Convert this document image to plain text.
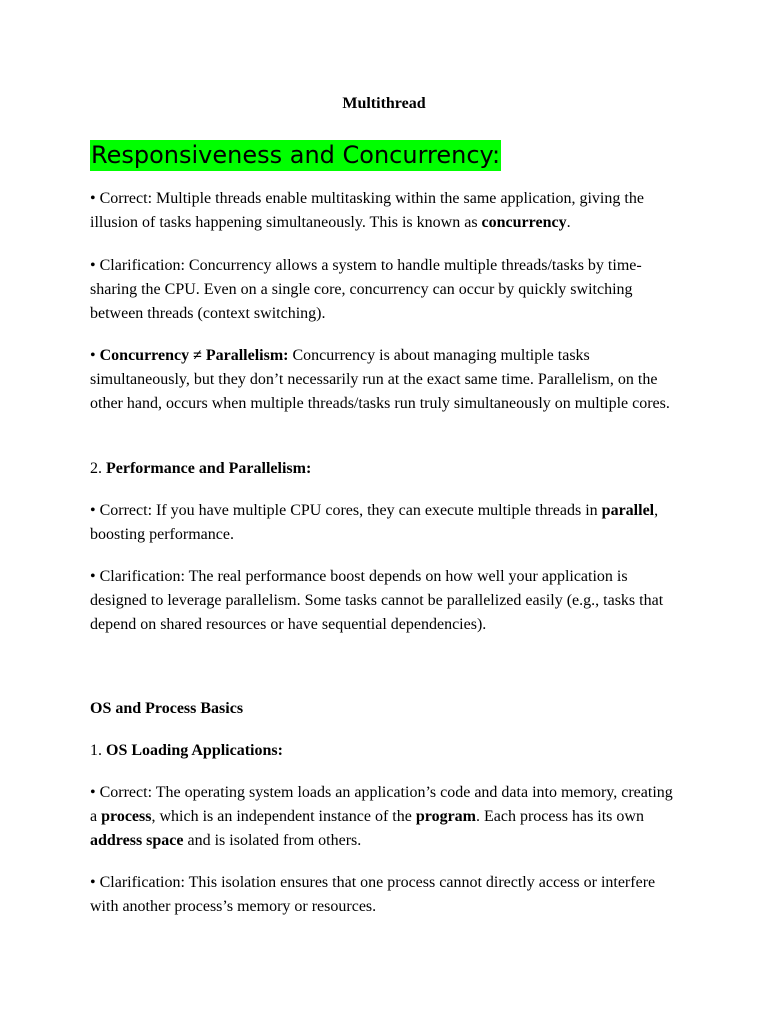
Multithread
Responsiveness and Concurrency:

• Correct: Multiple threads enable multitasking within the same application, giving the illusion of tasks happening simultaneously. This is known as concurrency.

• Clarification: Concurrency allows a system to handle multiple threads/tasks by time-sharing the CPU. Even on a single core, concurrency can occur by quickly switching between threads (context switching).

• Concurrency ≠ Parallelism: Concurrency is about managing multiple tasks simultaneously, but they don’t necessarily run at the exact same time. Parallelism, on the other hand, occurs when multiple threads/tasks run truly simultaneously on multiple cores.

2. Performance and Parallelism:

• Correct: If you have multiple CPU cores, they can execute multiple threads in parallel, boosting performance.

• Clarification: The real performance boost depends on how well your application is designed to leverage parallelism. Some tasks cannot be parallelized easily (e.g., tasks that depend on shared resources or have sequential dependencies).

OS and Process Basics

1. OS Loading Applications:

• Correct: The operating system loads an application’s code and data into memory, creating a process, which is an independent instance of the program. Each process has its own address space and is isolated from others.

• Clarification: This isolation ensures that one process cannot directly access or interfere with another process’s memory or resources.
